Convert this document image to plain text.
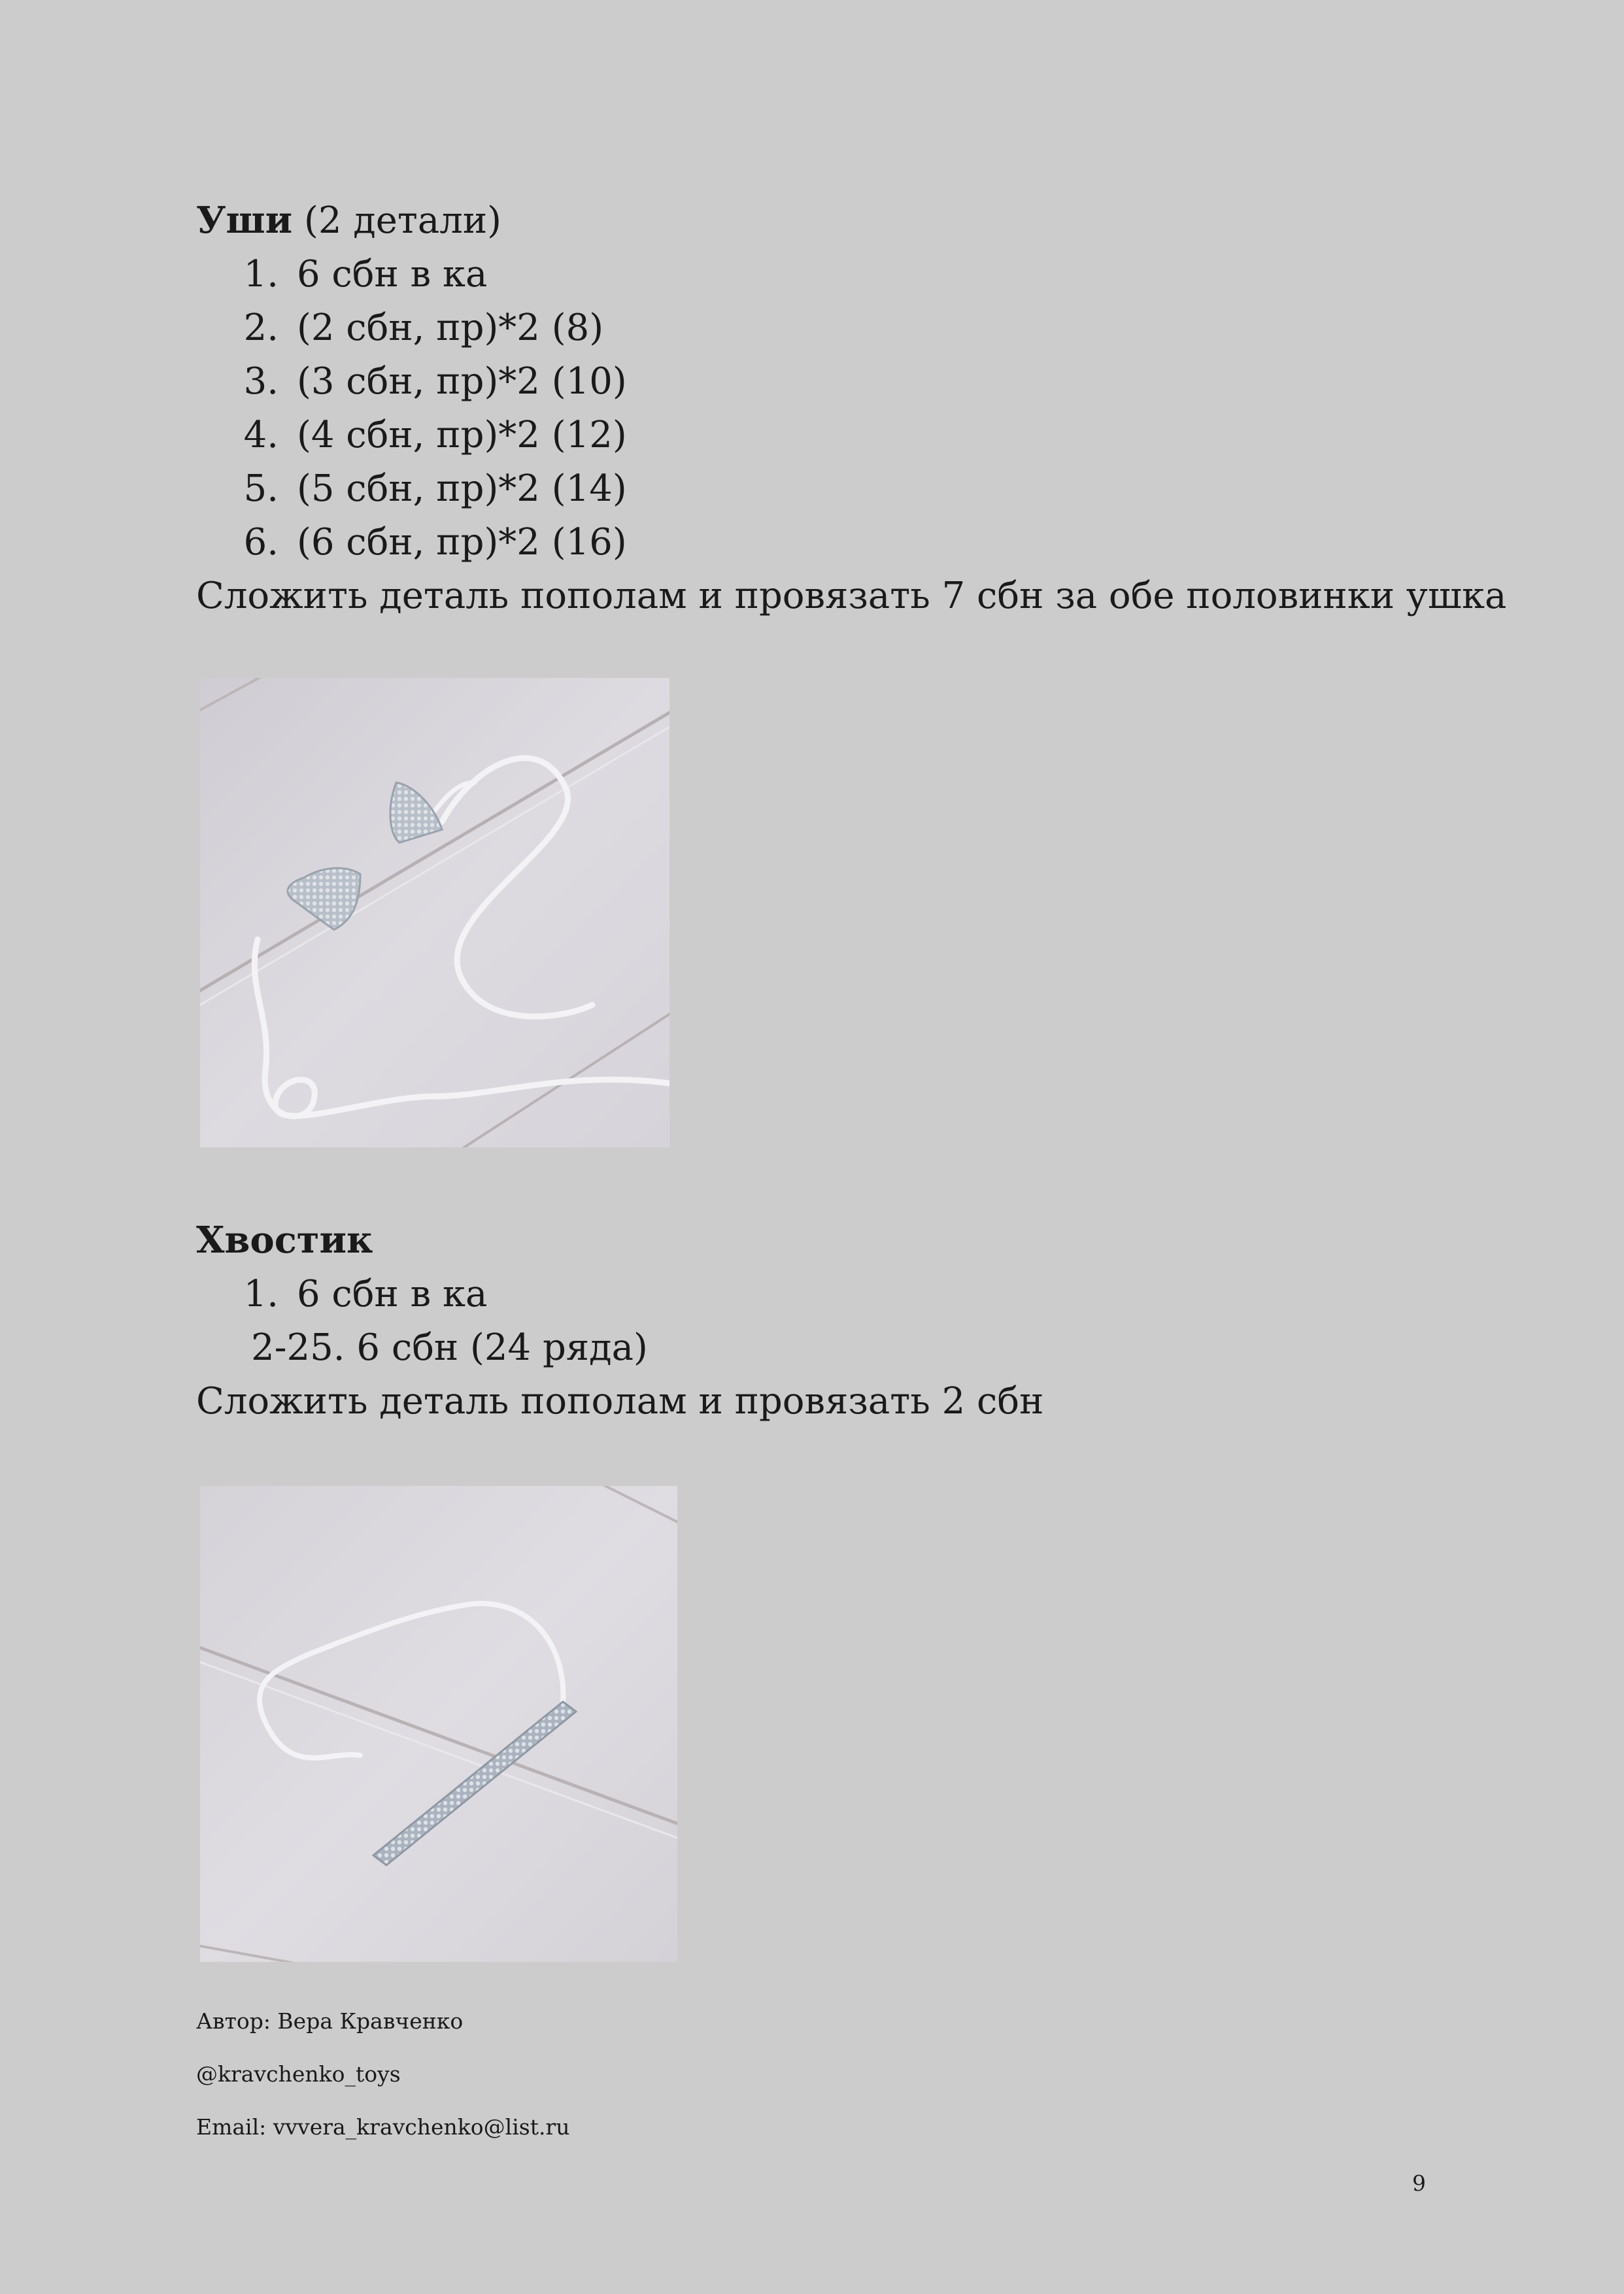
Уши (2 детали)

1. 6 сбн в ка
2. (2 сбн, пр)*2 (8)
3. (3 сбн, пр)*2 (10)
4. (4 сбн, пр)*2 (12)
5. (5 сбн, пр)*2 (14)
6. (6 сбн, пр)*2 (16)

Сложить деталь пополам и провязать 7 сбн за обе половинки ушка

Хвостик

1. 6 сбн в ка
2-25. 6 сбн (24 ряда)

Сложить деталь пополам и провязать 2 сбн

Автор: Вера Кравченко
@kravchenko_toys
Email: vvvera_kravchenko@list.ru
9
